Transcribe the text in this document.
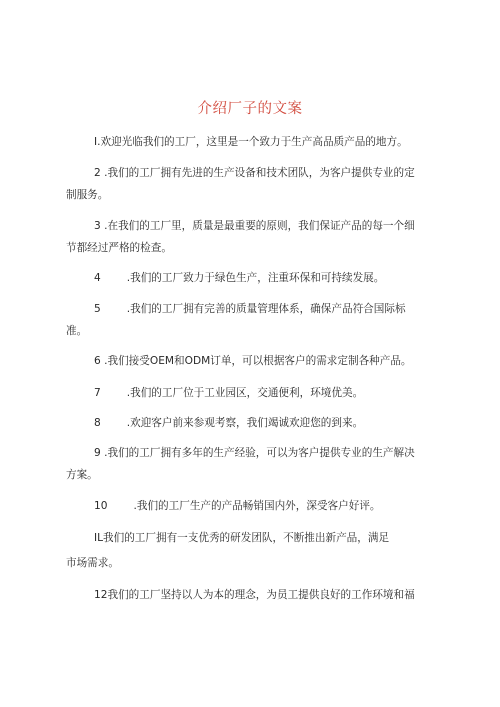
介绍厂子的文案
I.欢迎光临我们的工厂，这里是一个致力于生产高品质产品的地方。
2 .我们的工厂拥有先进的生产设备和技术团队，为客户提供专业的定
制服务。
3 .在我们的工厂里，质量是最重要的原则，我们保证产品的每一个细
节都经过严格的检查。
4 .我们的工厂致力于绿色生产，注重环保和可持续发展。
5 .我们的工厂拥有完善的质量管理体系，确保产品符合国际标
准。
6 .我们接受OEM和ODM订单，可以根据客户的需求定制各种产品。
7 .我们的工厂位于工业园区，交通便利，环境优美。
8 .欢迎客户前来参观考察，我们竭诚欢迎您的到来。
9 .我们的工厂拥有多年的生产经验，可以为客户提供专业的生产解决
方案。
10 .我们的工厂生产的产品畅销国内外，深受客户好评。
IL我们的工厂拥有一支优秀的研发团队，不断推出新产品，满足
市场需求。
12我们的工厂坚持以人为本的理念，为员工提供良好的工作环境和福
